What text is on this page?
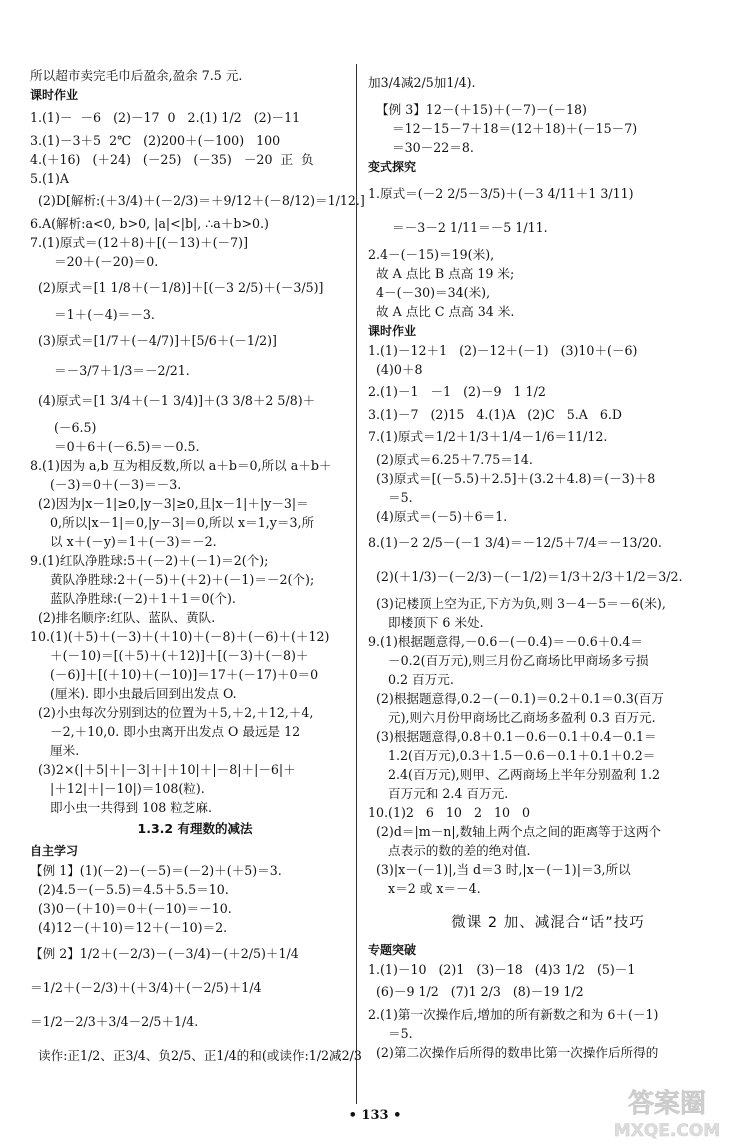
所以超市卖完毛巾后盈余,盈余 7.5 元.
课时作业
1.(1)－  －6   (2)－17  0   2.(1) 1/2   (2)－11
3.(1)－3＋5  2℃   (2)200＋(－100)   100
4.(＋16)   (＋24)   (－25)   (－35)   －20  正  负
5.(1)A
(2)D[解析:(＋3/4)＋(－2/3)＝＋9/12＋(－8/12)＝1/12.]
6.A(解析:a<0, b>0, |a|<|b|, ∴a＋b>0.)
7.(1)原式＝(12＋8)＋[(－13)＋(－7)]
＝20＋(－20)＝0.
(2)原式＝[1 1/8＋(－1/8)]＋[(－3 2/5)＋(－3/5)]
＝1＋(－4)＝－3.
(3)原式＝[1/7＋(－4/7)]＋[5/6＋(－1/2)]
＝－3/7＋1/3＝－2/21.
(4)原式＝[1 3/4＋(－1 3/4)]＋(3 3/8＋2 5/8)＋
(－6.5)
＝0＋6＋(－6.5)＝－0.5.
8.(1)因为 a,b 互为相反数,所以 a＋b＝0,所以 a＋b＋
(－3)＝0＋(－3)＝－3.
(2)因为|x－1|≥0,|y－3|≥0,且|x－1|＋|y－3|＝
0,所以|x－1|＝0,|y－3|＝0,所以 x＝1,y＝3,所
以 x＋(－y)＝1＋(－3)＝－2.
9.(1)红队净胜球:5＋(－2)＋(－1)＝2(个);
黄队净胜球:2＋(－5)＋(＋2)＋(－1)＝－2(个);
蓝队净胜球:(－2)＋1＋1＝0(个).
(2)排名顺序:红队、蓝队、黄队.
10.(1)(＋5)＋(－3)＋(＋10)＋(－8)＋(－6)＋(＋12)
＋(－10)＝[(＋5)＋(＋12)]＋[(－3)＋(－8)＋
(－6)]＋[(＋10)＋(－10)]＝17＋(－17)＋0＝0
(厘米). 即小虫最后回到出发点 O.
(2)小虫每次分别到达的位置为＋5,＋2,＋12,＋4,
－2,＋10,0. 即小虫离开出发点 O 最远是 12
厘米.
(3)2×(|＋5|＋|－3|＋|＋10|＋|－8|＋|－6|＋
|＋12|＋|－10|)＝108(粒).
即小虫一共得到 108 粒芝麻.
1.3.2 有理数的减法
自主学习
【例 1】(1)(－2)－(－5)＝(－2)＋(＋5)＝3.
(2)4.5－(－5.5)＝4.5＋5.5＝10.
(3)0－(＋10)＝0＋(－10)＝－10.
(4)12－(＋10)＝12＋(－10)＝2.
【例 2】1/2＋(－2/3)－(－3/4)－(＋2/5)＋1/4
＝1/2＋(－2/3)＋(＋3/4)＋(－2/5)＋1/4
＝1/2－2/3＋3/4－2/5＋1/4.
读作:正1/2、正3/4、负2/5、正1/4的和(或读作:1/2减2/3
加3/4减2/5加1/4).
【例 3】12－(＋15)＋(－7)－(－18)
＝12－15－7＋18＝(12＋18)＋(－15－7)
＝30－22＝8.
变式探究
1.原式＝(－2 2/5－3/5)＋(－3 4/11＋1 3/11)
＝－3－2 1/11＝－5 1/11.
2.4－(－15)＝19(米),
故 A 点比 B 点高 19 米;
4－(－30)＝34(米),
故 A 点比 C 点高 34 米.
课时作业
1.(1)－12＋1   (2)－12＋(－1)   (3)10＋(－6)
(4)0＋8
2.(1)－1   －1   (2)－9   1 1/2
3.(1)－7   (2)15   4.(1)A   (2)C   5.A   6.D
7.(1)原式＝1/2＋1/3＋1/4－1/6＝11/12.
(2)原式＝6.25＋7.75＝14.
(3)原式＝[(－5.5)＋2.5]＋(3.2＋4.8)＝(－3)＋8
＝5.
(4)原式＝(－5)＋6＝1.
8.(1)－2 2/5－(－1 3/4)＝－12/5＋7/4＝－13/20.
(2)(＋1/3)－(－2/3)－(－1/2)＝1/3＋2/3＋1/2＝3/2.
(3)记楼顶上空为正,下方为负,则 3－4－5＝－6(米),
即楼顶下 6 米处.
9.(1)根据题意得,－0.6－(－0.4)＝－0.6＋0.4＝
－0.2(百万元),则三月份乙商场比甲商场多亏损
0.2 百万元.
(2)根据题意得,0.2－(－0.1)＝0.2＋0.1＝0.3(百万
元),则六月份甲商场比乙商场多盈利 0.3 百万元.
(3)根据题意得,0.8＋0.1－0.6－0.1＋0.4－0.1＝
1.2(百万元),0.3＋1.5－0.6－0.1＋0.1＋0.2＝
2.4(百万元),则甲、乙两商场上半年分别盈利 1.2
百万元和 2.4 百万元.
10.(1)2   6   10   2   10   0
(2)d＝|m－n|,数轴上两个点之间的距离等于这两个
点表示的数的差的绝对值.
(3)|x－(－1)|,当 d＝3 时,|x－(－1)|＝3,所以
x＝2 或 x＝－4.
微课 2 加、减混合“话”技巧
专题突破
1.(1)－10   (2)1   (3)－18   (4)3 1/2   (5)－1
(6)－9 1/2   (7)1 2/3   (8)－19 1/2
2.(1)第一次操作后,增加的所有新数之和为 6＋(－1)
＝5.
(2)第二次操作后所得的数串比第一次操作后所得的
• 133 •	答案圈
MXQE.COM
